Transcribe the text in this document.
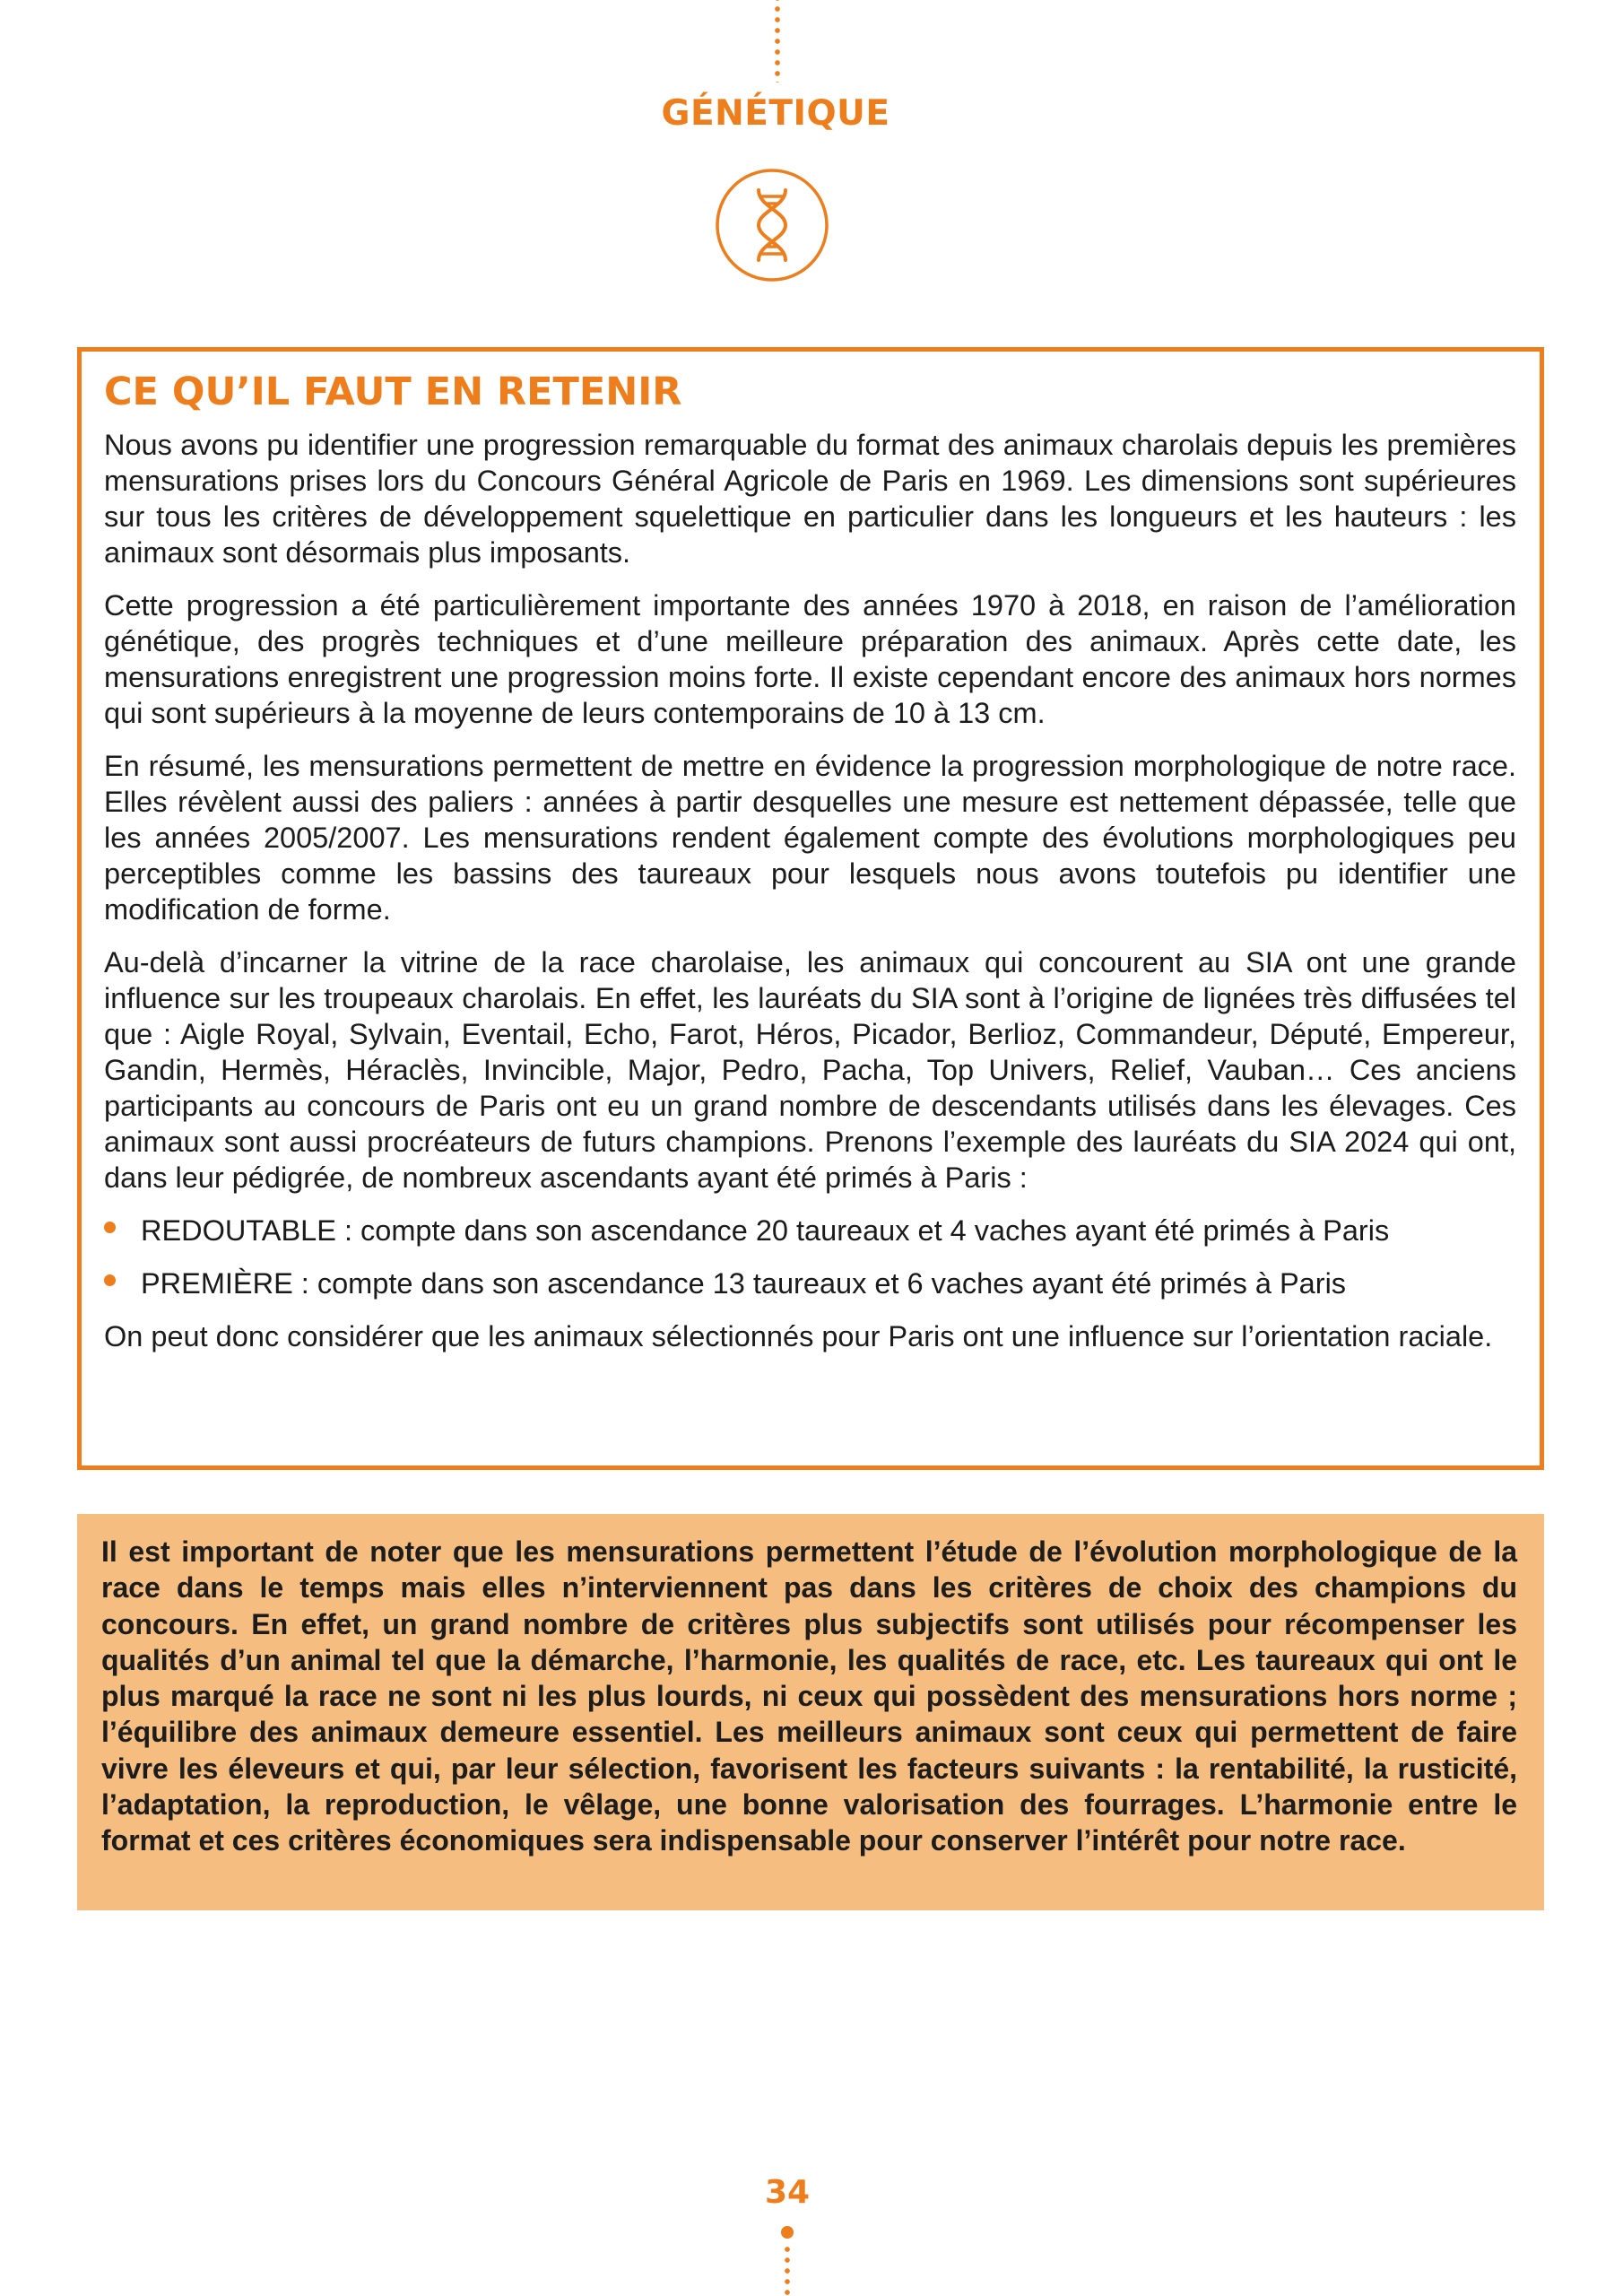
GÉNÉTIQUE
CE QU’IL FAUT EN RETENIR

Nous avons pu identifier une progression remarquable du format des animaux charolais depuis les premières mensurations prises lors du Concours Général Agricole de Paris en 1969. Les dimensions sont supérieures sur tous les critères de développement squelettique en particulier dans les longueurs et les hauteurs : les animaux sont désormais plus imposants.

Cette progression a été particulièrement importante des années 1970 à 2018, en raison de l’amélioration génétique, des progrès techniques et d’une meilleure préparation des animaux. Après cette date, les mensurations enregistrent une progression moins forte. Il existe cependant encore des animaux hors normes qui sont supérieurs à la moyenne de leurs contemporains de 10 à 13 cm.

En résumé, les mensurations permettent de mettre en évidence la progression morphologique de notre race. Elles révèlent aussi des paliers : années à partir desquelles une mesure est nettement dépassée, telle que les années 2005/2007. Les mensurations rendent également compte des évolutions morphologiques peu perceptibles comme les bassins des taureaux pour lesquels nous avons toutefois pu identifier une modification de forme.

Au-delà d’incarner la vitrine de la race charolaise, les animaux qui concourent au SIA ont une grande influence sur les troupeaux charolais. En effet, les lauréats du SIA sont à l’origine de lignées très diffusées tel que : Aigle Royal, Sylvain, Eventail, Echo, Farot, Héros, Picador, Berlioz, Commandeur, Député, Empereur, Gandin, Hermès, Héraclès, Invincible, Major, Pedro, Pacha, Top Univers, Relief, Vauban… Ces anciens participants au concours de Paris ont eu un grand nombre de descendants utilisés dans les élevages. Ces animaux sont aussi procréateurs de futurs champions. Prenons l’exemple des lauréats du SIA 2024 qui ont, dans leur pédigrée, de nombreux ascendants ayant été primés à Paris :

REDOUTABLE : compte dans son ascendance 20 taureaux et 4 vaches ayant été primés à Paris
PREMIÈRE : compte dans son ascendance 13 taureaux et 6 vaches ayant été primés à Paris

On peut donc considérer que les animaux sélectionnés pour Paris ont une influence sur l’orientation raciale.

Il est important de noter que les mensurations permettent l’étude de l’évolution morphologique de la race dans le temps mais elles n’interviennent pas dans les critères de choix des champions du concours. En effet, un grand nombre de critères plus subjectifs sont utilisés pour récompenser les qualités d’un animal tel que la démarche, l’harmonie, les qualités de race, etc. Les taureaux qui ont le plus marqué la race ne sont ni les plus lourds, ni ceux qui possèdent des mensurations hors norme ; l’équilibre des animaux demeure essentiel. Les meilleurs animaux sont ceux qui permettent de faire vivre les éleveurs et qui, par leur sélection, favorisent les facteurs suivants : la rentabilité, la rusticité, l’adaptation, la reproduction, le vêlage, une bonne valorisation des fourrages. L’harmonie entre le format et ces critères économiques sera indispensable pour conserver l’intérêt pour notre race.

34
